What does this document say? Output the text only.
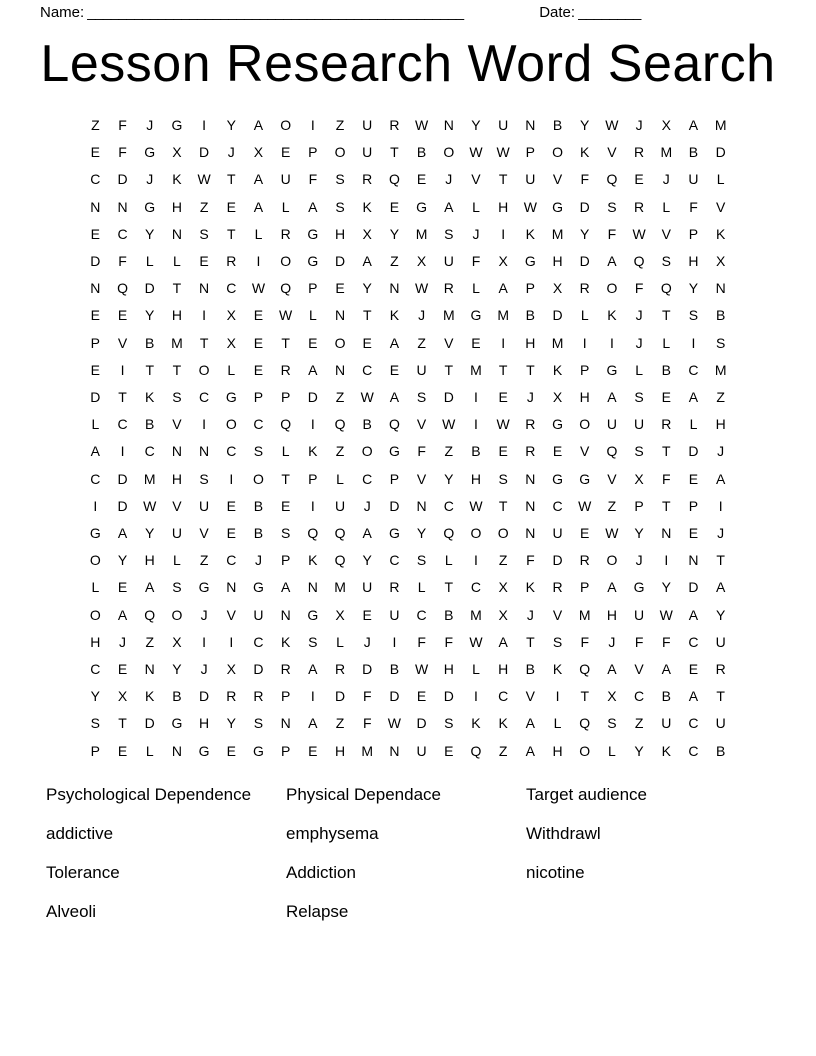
Name: ________________________________________________	Date: ________
Lesson Research Word Search
Z	F	J	G	I	Y	A	O	I	Z	U	R	W	N	Y	U	N	B	Y	W	J	X	A	M
E	F	G	X	D	J	X	E	P	O	U	T	B	O	W	W	P	O	K	V	R	M	B	D
C	D	J	K	W	T	A	U	F	S	R	Q	E	J	V	T	U	V	F	Q	E	J	U	L
N	N	G	H	Z	E	A	L	A	S	K	E	G	A	L	H	W	G	D	S	R	L	F	V
E	C	Y	N	S	T	L	R	G	H	X	Y	M	S	J	I	K	M	Y	F	W	V	P	K
D	F	L	L	E	R	I	O	G	D	A	Z	X	U	F	X	G	H	D	A	Q	S	H	X
N	Q	D	T	N	C	W	Q	P	E	Y	N	W	R	L	A	P	X	R	O	F	Q	Y	N
E	E	Y	H	I	X	E	W	L	N	T	K	J	M	G	M	B	D	L	K	J	T	S	B
P	V	B	M	T	X	E	T	E	O	E	A	Z	V	E	I	H	M	I	I	J	L	I	S
E	I	T	T	O	L	E	R	A	N	C	E	U	T	M	T	T	K	P	G	L	B	C	M
D	T	K	S	C	G	P	P	D	Z	W	A	S	D	I	E	J	X	H	A	S	E	A	Z
L	C	B	V	I	O	C	Q	I	Q	B	Q	V	W	I	W	R	G	O	U	U	R	L	H
A	I	C	N	N	C	S	L	K	Z	O	G	F	Z	B	E	R	E	V	Q	S	T	D	J
C	D	M	H	S	I	O	T	P	L	C	P	V	Y	H	S	N	G	G	V	X	F	E	A
I	D	W	V	U	E	B	E	I	U	J	D	N	C	W	T	N	C	W	Z	P	T	P	I
G	A	Y	U	V	E	B	S	Q	Q	A	G	Y	Q	O	O	N	U	E	W	Y	N	E	J
O	Y	H	L	Z	C	J	P	K	Q	Y	C	S	L	I	Z	F	D	R	O	J	I	N	T
L	E	A	S	G	N	G	A	N	M	U	R	L	T	C	X	K	R	P	A	G	Y	D	A
O	A	Q	O	J	V	U	N	G	X	E	U	C	B	M	X	J	V	M	H	U	W	A	Y
H	J	Z	X	I	I	C	K	S	L	J	I	F	F	W	A	T	S	F	J	F	F	C	U
C	E	N	Y	J	X	D	R	A	R	D	B	W	H	L	H	B	K	Q	A	V	A	E	R
Y	X	K	B	D	R	R	P	I	D	F	D	E	D	I	C	V	I	T	X	C	B	A	T
S	T	D	G	H	Y	S	N	A	Z	F	W	D	S	K	K	A	L	Q	S	Z	U	C	U
P	E	L	N	G	E	G	P	E	H	M	N	U	E	Q	Z	A	H	O	L	Y	K	C	B
Psychological Dependence	Physical Dependace	Target audience
addictive	emphysema	Withdrawl
Tolerance	Addiction	nicotine
Alveoli	Relapse
